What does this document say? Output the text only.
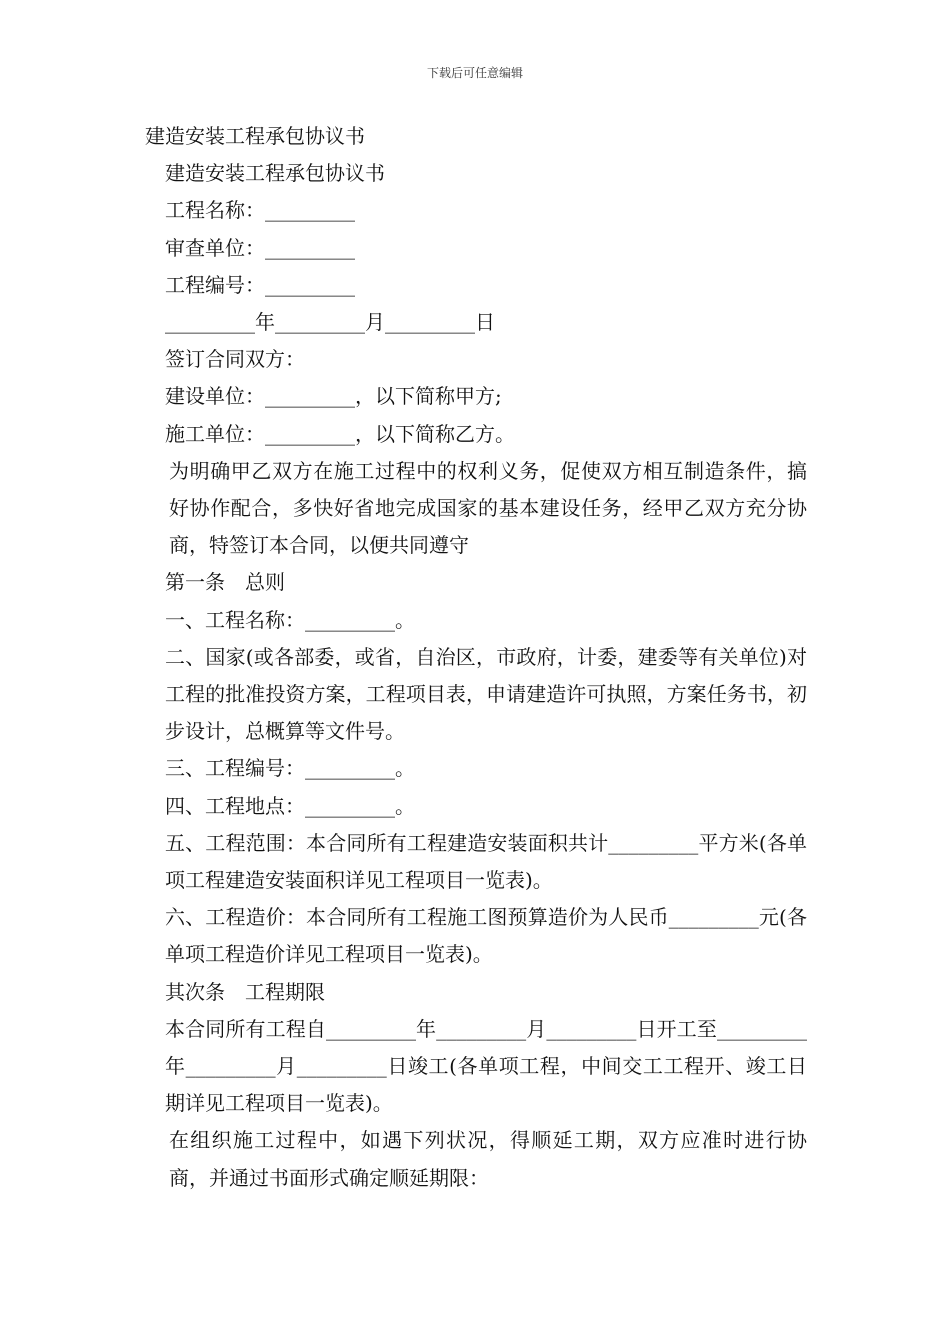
下载后可任意编辑

建造安装工程承包协议书

建造安装工程承包协议书

工程名称：_________

审查单位：_________

工程编号：_________

_________年_________月_________日

签订合同双方：

建设单位：_________，以下简称甲方;

施工单位：_________，以下简称乙方。

为明确甲乙双方在施工过程中的权利义务，促使双方相互制造条件，搞好协作配合，多快好省地完成国家的基本建设任务，经甲乙双方充分协商，特签订本合同，以便共同遵守

第一条　总则

一、工程名称：_________。

二、国家(或各部委，或省，自治区，市政府，计委，建委等有关单位)对工程的批准投资方案，工程项目表，申请建造许可执照，方案任务书，初步设计，总概算等文件号。

三、工程编号：_________。

四、工程地点：_________。

五、工程范围：本合同所有工程建造安装面积共计_________平方米(各单项工程建造安装面积详见工程项目一览表)。

六、工程造价：本合同所有工程施工图预算造价为人民币_________元(各单项工程造价详见工程项目一览表)。

其次条　工程期限

本合同所有工程自_________年_________月_________日开工至_________年_________月_________日竣工(各单项工程，中间交工工程开、竣工日期详见工程项目一览表)。

在组织施工过程中，如遇下列状况，得顺延工期，双方应准时进行协商，并通过书面形式确定顺延期限：
